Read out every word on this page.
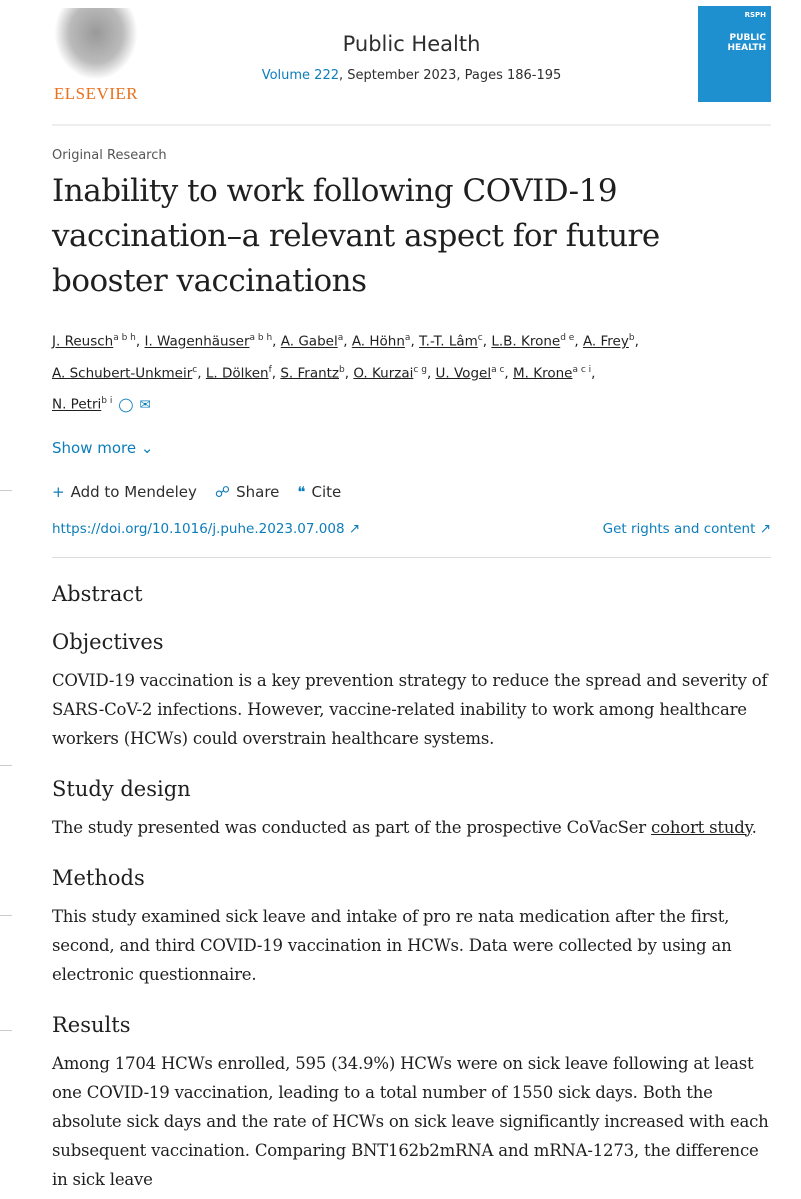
ELSEVIER
Public Health
Volume 222, September 2023, Pages 186-195
RSPH
PUBLIC HEALTH
Original Research
Inability to work following COVID-19 vaccination–a relevant aspect for future booster vaccinations
J. Reusch$^{a b h}$, I. Wagenhäuser$^{a b h}$, A. Gabel$^a$, A. Höhn$^a$, T.-T. Lâm$^c$, L.B. Krone$^{d e}$, A. Frey$^b$,
A. Schubert-Unkmeir$^c$, L. Dölken$^f$, S. Frantz$^b$, O. Kurzai$^{c g}$, U. Vogel$^{a c}$, M. Krone$^{a c i}$,
N. Petri$^{b i}$ ◯ ✉
Show more ⌄
+ Add to Mendeley ☍ Share ❝ Cite
https://doi.org/10.1016/j.puhe.2023.07.008 ↗	Get rights and content ↗
Abstract
Objectives

COVID-19 vaccination is a key prevention strategy to reduce the spread and severity of SARS-CoV-2 infections. However, vaccine-related inability to work among healthcare workers (HCWs) could overstrain healthcare systems.

Study design

The study presented was conducted as part of the prospective CoVacSer cohort study.

Methods

This study examined sick leave and intake of pro re nata medication after the first, second, and third COVID-19 vaccination in HCWs. Data were collected by using an electronic questionnaire.

Results

Among 1704 HCWs enrolled, 595 (34.9%) HCWs were on sick leave following at least one COVID-19 vaccination, leading to a total number of 1550 sick days. Both the absolute sick days and the rate of HCWs on sick leave significantly increased with each subsequent vaccination. Comparing BNT162b2mRNA and mRNA-1273, the difference in sick leave
